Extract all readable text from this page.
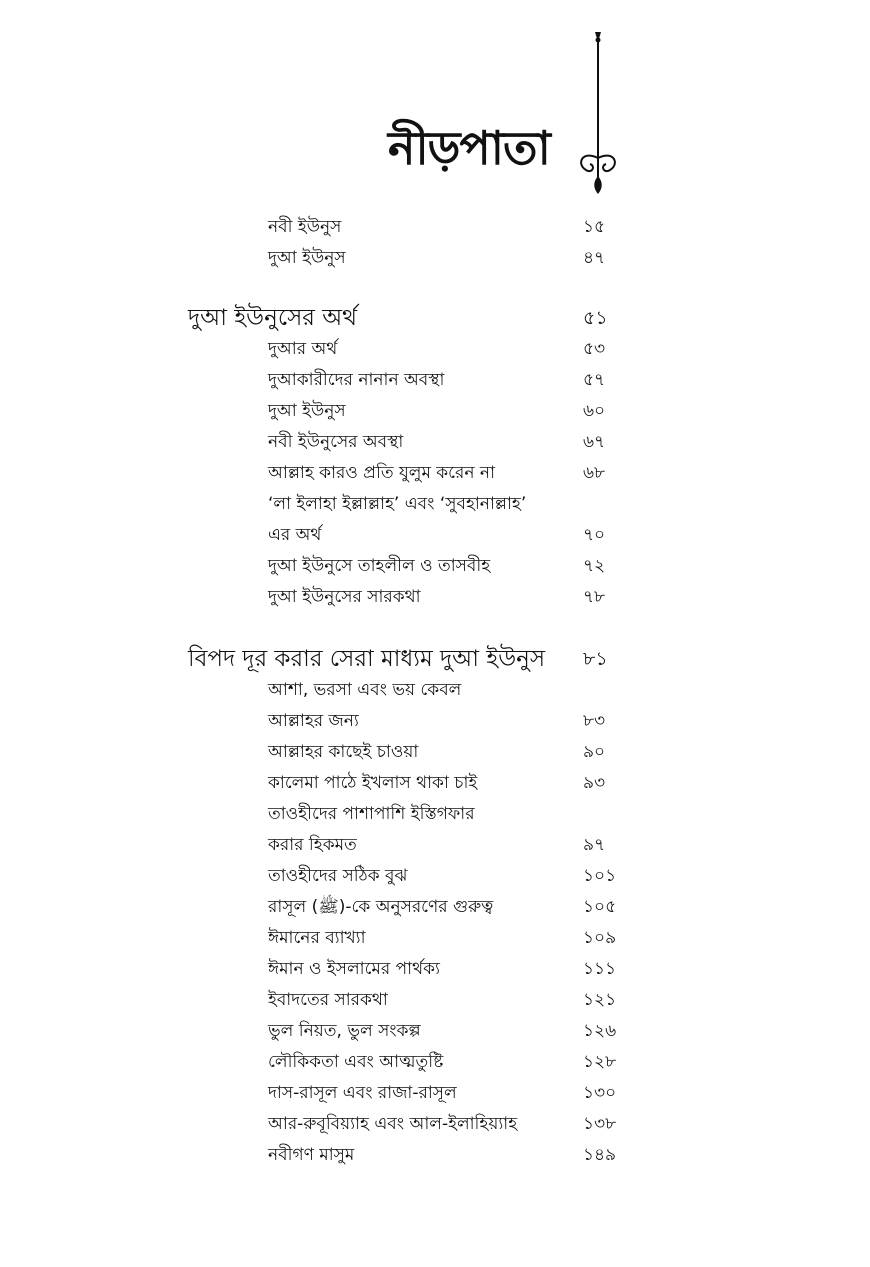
নীড়পাতা
নবী ইউনুস	১৫
দুআ ইউনুস	৪৭
দুআ ইউনুসের অর্থ	৫১
দুআর অর্থ	৫৩
দুআকারীদের নানান অবস্থা	৫৭
দুআ ইউনুস	৬০
নবী ইউনুসের অবস্থা	৬৭
আল্লাহ কারও প্রতি যুলুম করেন না	৬৮
‘লা ইলাহা ইল্লাল্লাহ’ এবং ‘সুবহানাল্লাহ’
এর অর্থ	৭০
দুআ ইউনুসে তাহলীল ও তাসবীহ	৭২
দুআ ইউনুসের সারকথা	৭৮
বিপদ দূর করার সেরা মাধ্যম দুআ ইউনুস ৮১
আশা, ভরসা এবং ভয় কেবল
আল্লাহর জন্য	৮৩
আল্লাহর কাছেই চাওয়া	৯০
কালেমা পাঠে ইখলাস থাকা চাই	৯৩
তাওহীদের পাশাপাশি ইস্তিগফার
করার হিকমত	৯৭
তাওহীদের সঠিক বুঝ	১০১
রাসূল (ﷺ)-কে অনুসরণের গুরুত্ব	১০৫
ঈমানের ব্যাখ্যা	১০৯
ঈমান ও ইসলামের পার্থক্য	১১১
ইবাদতের সারকথা	১২১
ভুল নিয়ত, ভুল সংকল্প	১২৬
লৌকিকতা এবং আত্মতুষ্টি	১২৮
দাস-রাসূল এবং রাজা-রাসূল	১৩০
আর-রুবূবিয়্যাহ এবং আল-ইলাহিয়্যাহ	১৩৮
নবীগণ মাসুম	১৪৯
